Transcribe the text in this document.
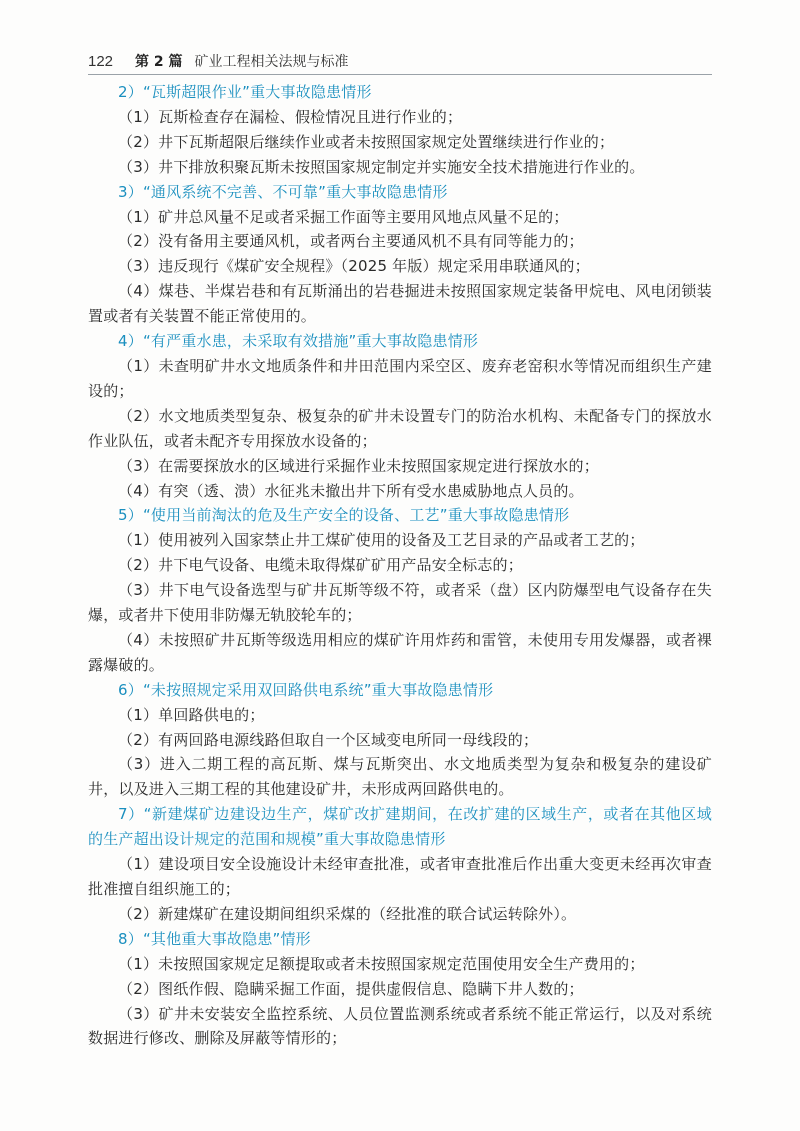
122 第 2 篇 矿业工程相关法规与标准

2）“瓦斯超限作业”重大事故隐患情形

（1）瓦斯检查存在漏检、假检情况且进行作业的；

（2）井下瓦斯超限后继续作业或者未按照国家规定处置继续进行作业的；

（3）井下排放积聚瓦斯未按照国家规定制定并实施安全技术措施进行作业的。

3）“通风系统不完善、不可靠”重大事故隐患情形

（1）矿井总风量不足或者采掘工作面等主要用风地点风量不足的；

（2）没有备用主要通风机，或者两台主要通风机不具有同等能力的；

（3）违反现行《煤矿安全规程》（2025 年版）规定采用串联通风的；

（4）煤巷、半煤岩巷和有瓦斯涌出的岩巷掘进未按照国家规定装备甲烷电、风电闭锁装置或者有关装置不能正常使用的。

4）“有严重水患，未采取有效措施”重大事故隐患情形

（1）未查明矿井水文地质条件和井田范围内采空区、废弃老窑积水等情况而组织生产建设的；

（2）水文地质类型复杂、极复杂的矿井未设置专门的防治水机构、未配备专门的探放水作业队伍，或者未配齐专用探放水设备的；

（3）在需要探放水的区域进行采掘作业未按照国家规定进行探放水的；

（4）有突（透、溃）水征兆未撤出井下所有受水患威胁地点人员的。

5）“使用当前淘汰的危及生产安全的设备、工艺”重大事故隐患情形

（1）使用被列入国家禁止井工煤矿使用的设备及工艺目录的产品或者工艺的；

（2）井下电气设备、电缆未取得煤矿矿用产品安全标志的；

（3）井下电气设备选型与矿井瓦斯等级不符，或者采（盘）区内防爆型电气设备存在失爆，或者井下使用非防爆无轨胶轮车的；

（4）未按照矿井瓦斯等级选用相应的煤矿许用炸药和雷管，未使用专用发爆器，或者裸露爆破的。

6）“未按照规定采用双回路供电系统”重大事故隐患情形

（1）单回路供电的；

（2）有两回路电源线路但取自一个区域变电所同一母线段的；

（3）进入二期工程的高瓦斯、煤与瓦斯突出、水文地质类型为复杂和极复杂的建设矿井，以及进入三期工程的其他建设矿井，未形成两回路供电的。

7）“新建煤矿边建设边生产，煤矿改扩建期间，在改扩建的区域生产，或者在其他区域的生产超出设计规定的范围和规模”重大事故隐患情形

（1）建设项目安全设施设计未经审查批准，或者审查批准后作出重大变更未经再次审查批准擅自组织施工的；

（2）新建煤矿在建设期间组织采煤的（经批准的联合试运转除外）。

8）“其他重大事故隐患”情形

（1）未按照国家规定足额提取或者未按照国家规定范围使用安全生产费用的；

（2）图纸作假、隐瞒采掘工作面，提供虚假信息、隐瞒下井人数的；

（3）矿井未安装安全监控系统、人员位置监测系统或者系统不能正常运行，以及对系统数据进行修改、删除及屏蔽等情形的；
